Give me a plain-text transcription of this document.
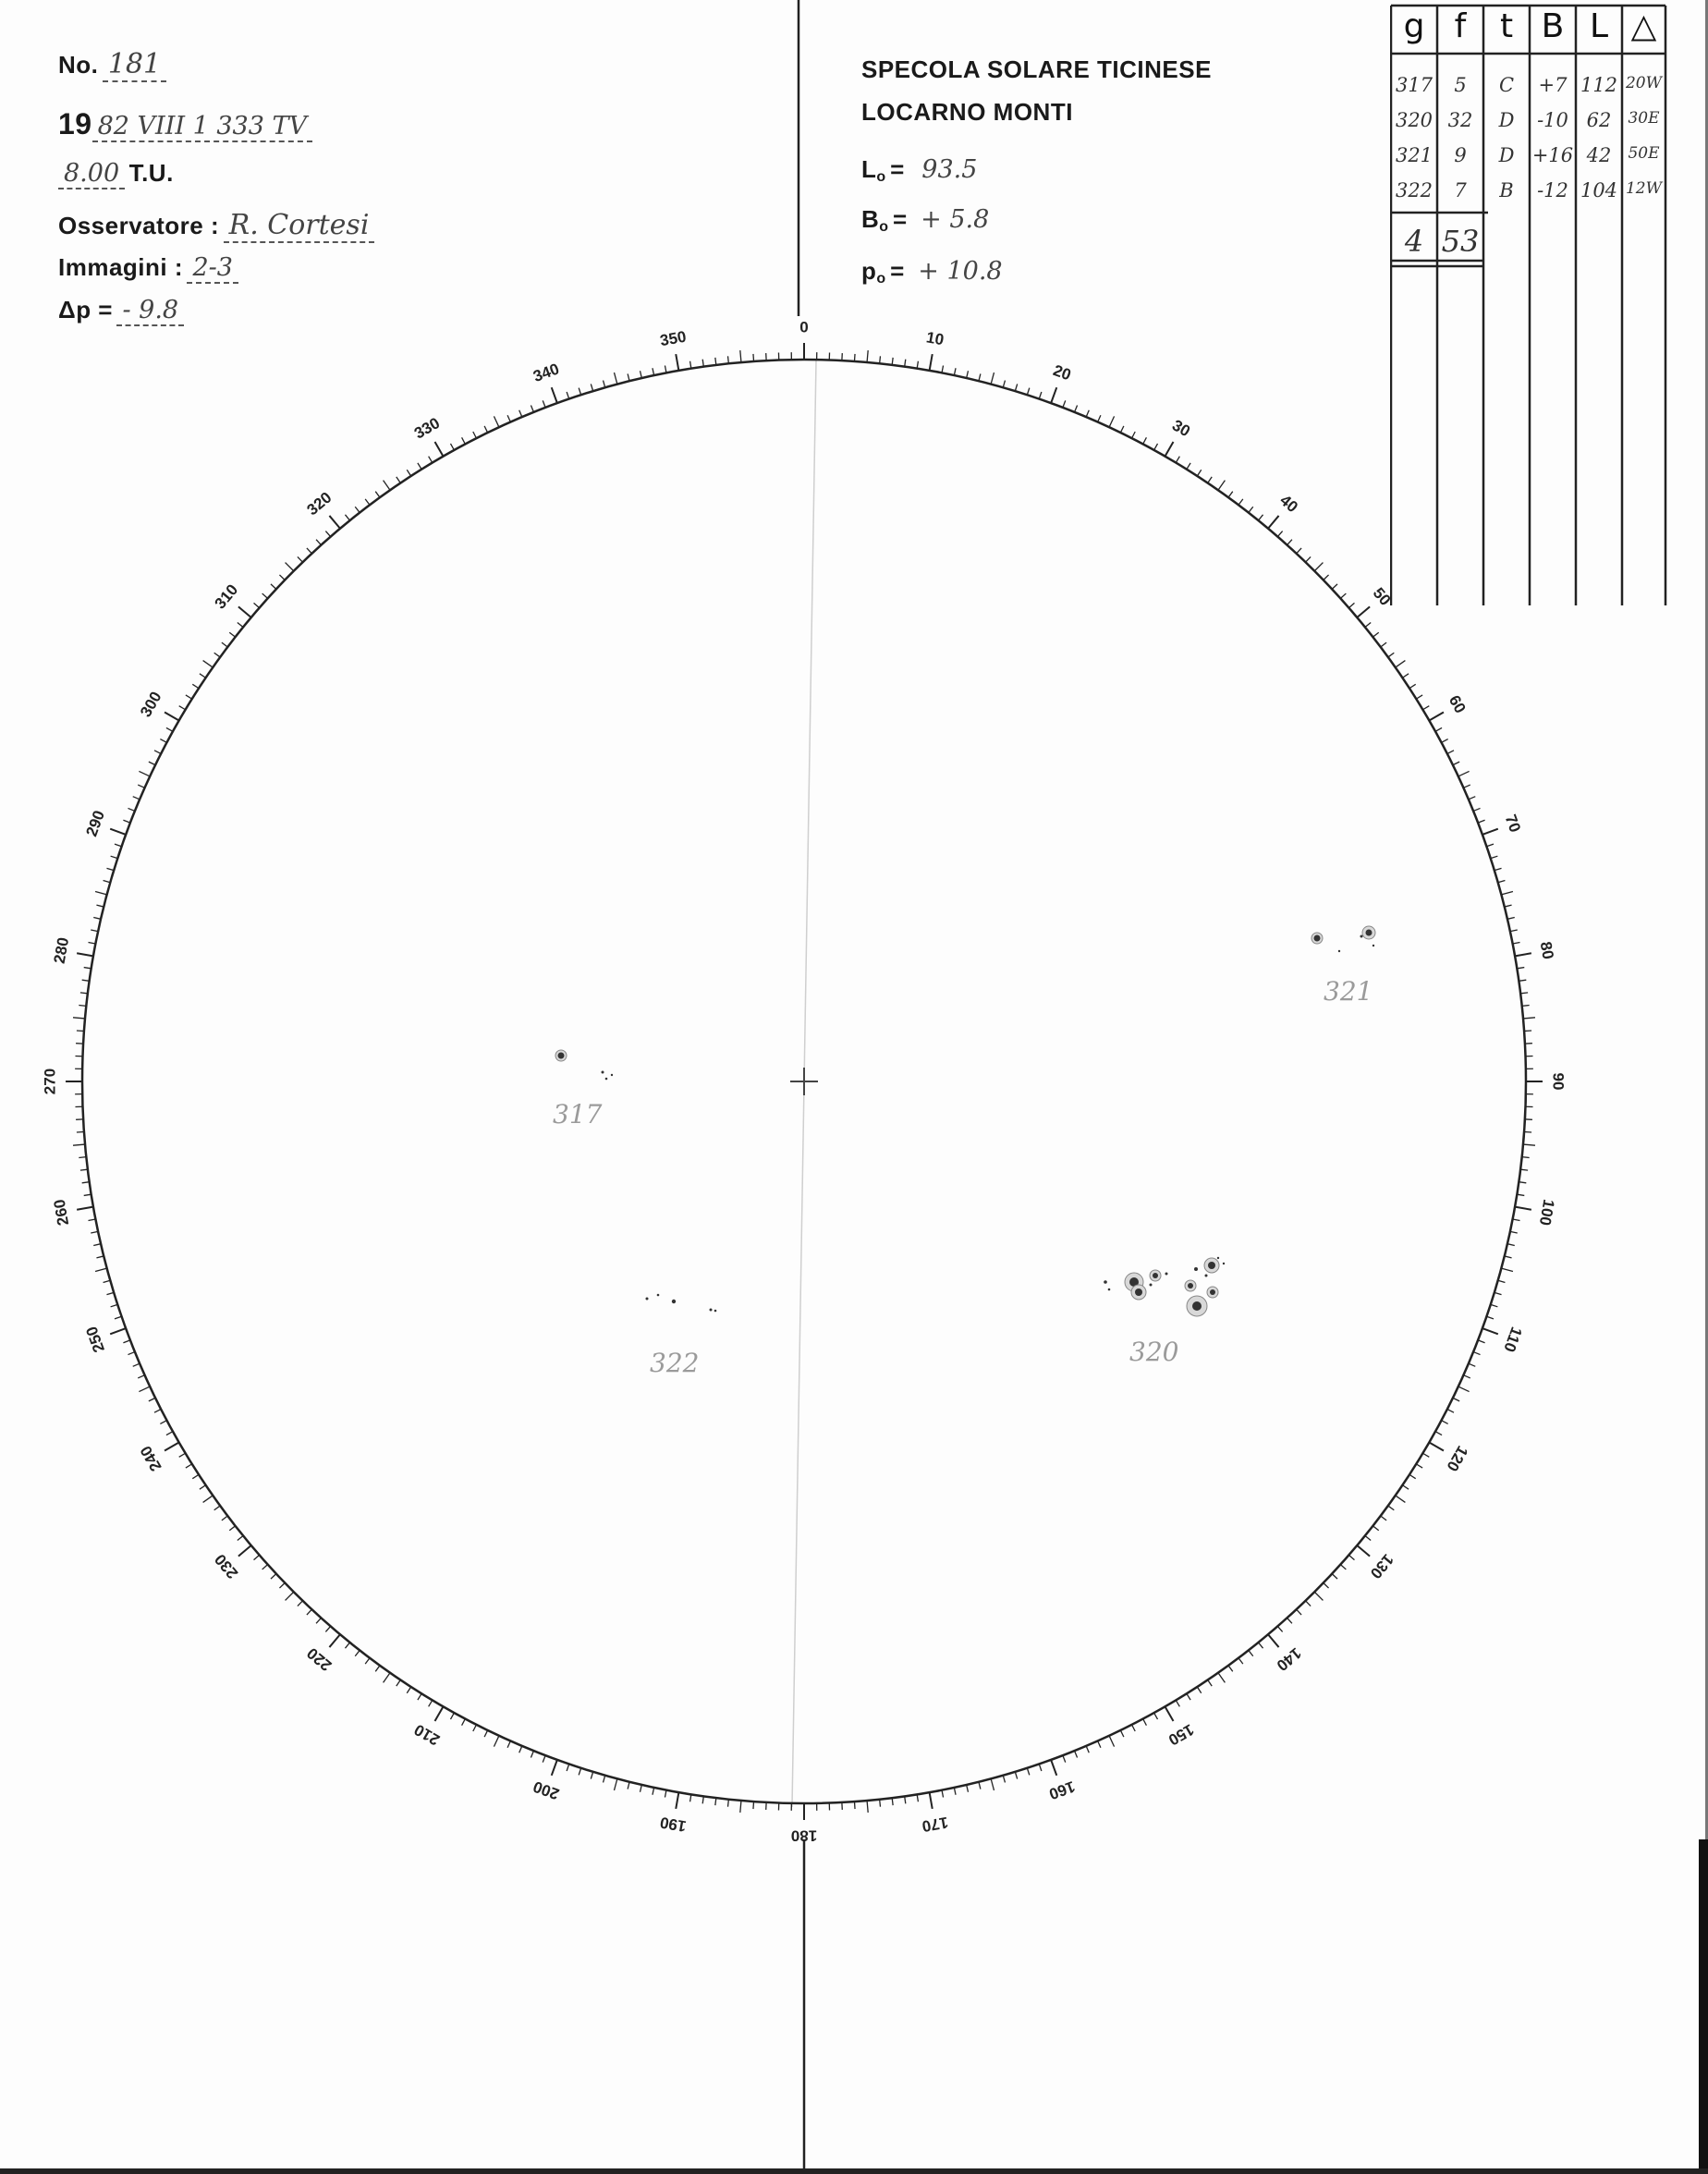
0
10
20
30
40
50
60
70
80
90
100
110
120
130
140
150
160
170
180
190
200
210
220
230
240
250
260
270
280
290
300
310
320
330
340
350
317
320
321
322
No. 181
19 82 VIII 1 333 TV
8.00 T.U.
Osservatore : R. Cortesi
Immagini : 2-3
Δp = - 9.8
SPECOLA SOLARE TICINESE
LOCARNO MONTI
$L_o = 93.5$
$B_o$ = + 5.8
$p_o$ = + 10.8
g f	t B L △
317	5	C	+7 112 20W
320 32	D	-10 62	30E
321	9	D +16 42	50E
322	7	B	-12 104 12W
4 53
